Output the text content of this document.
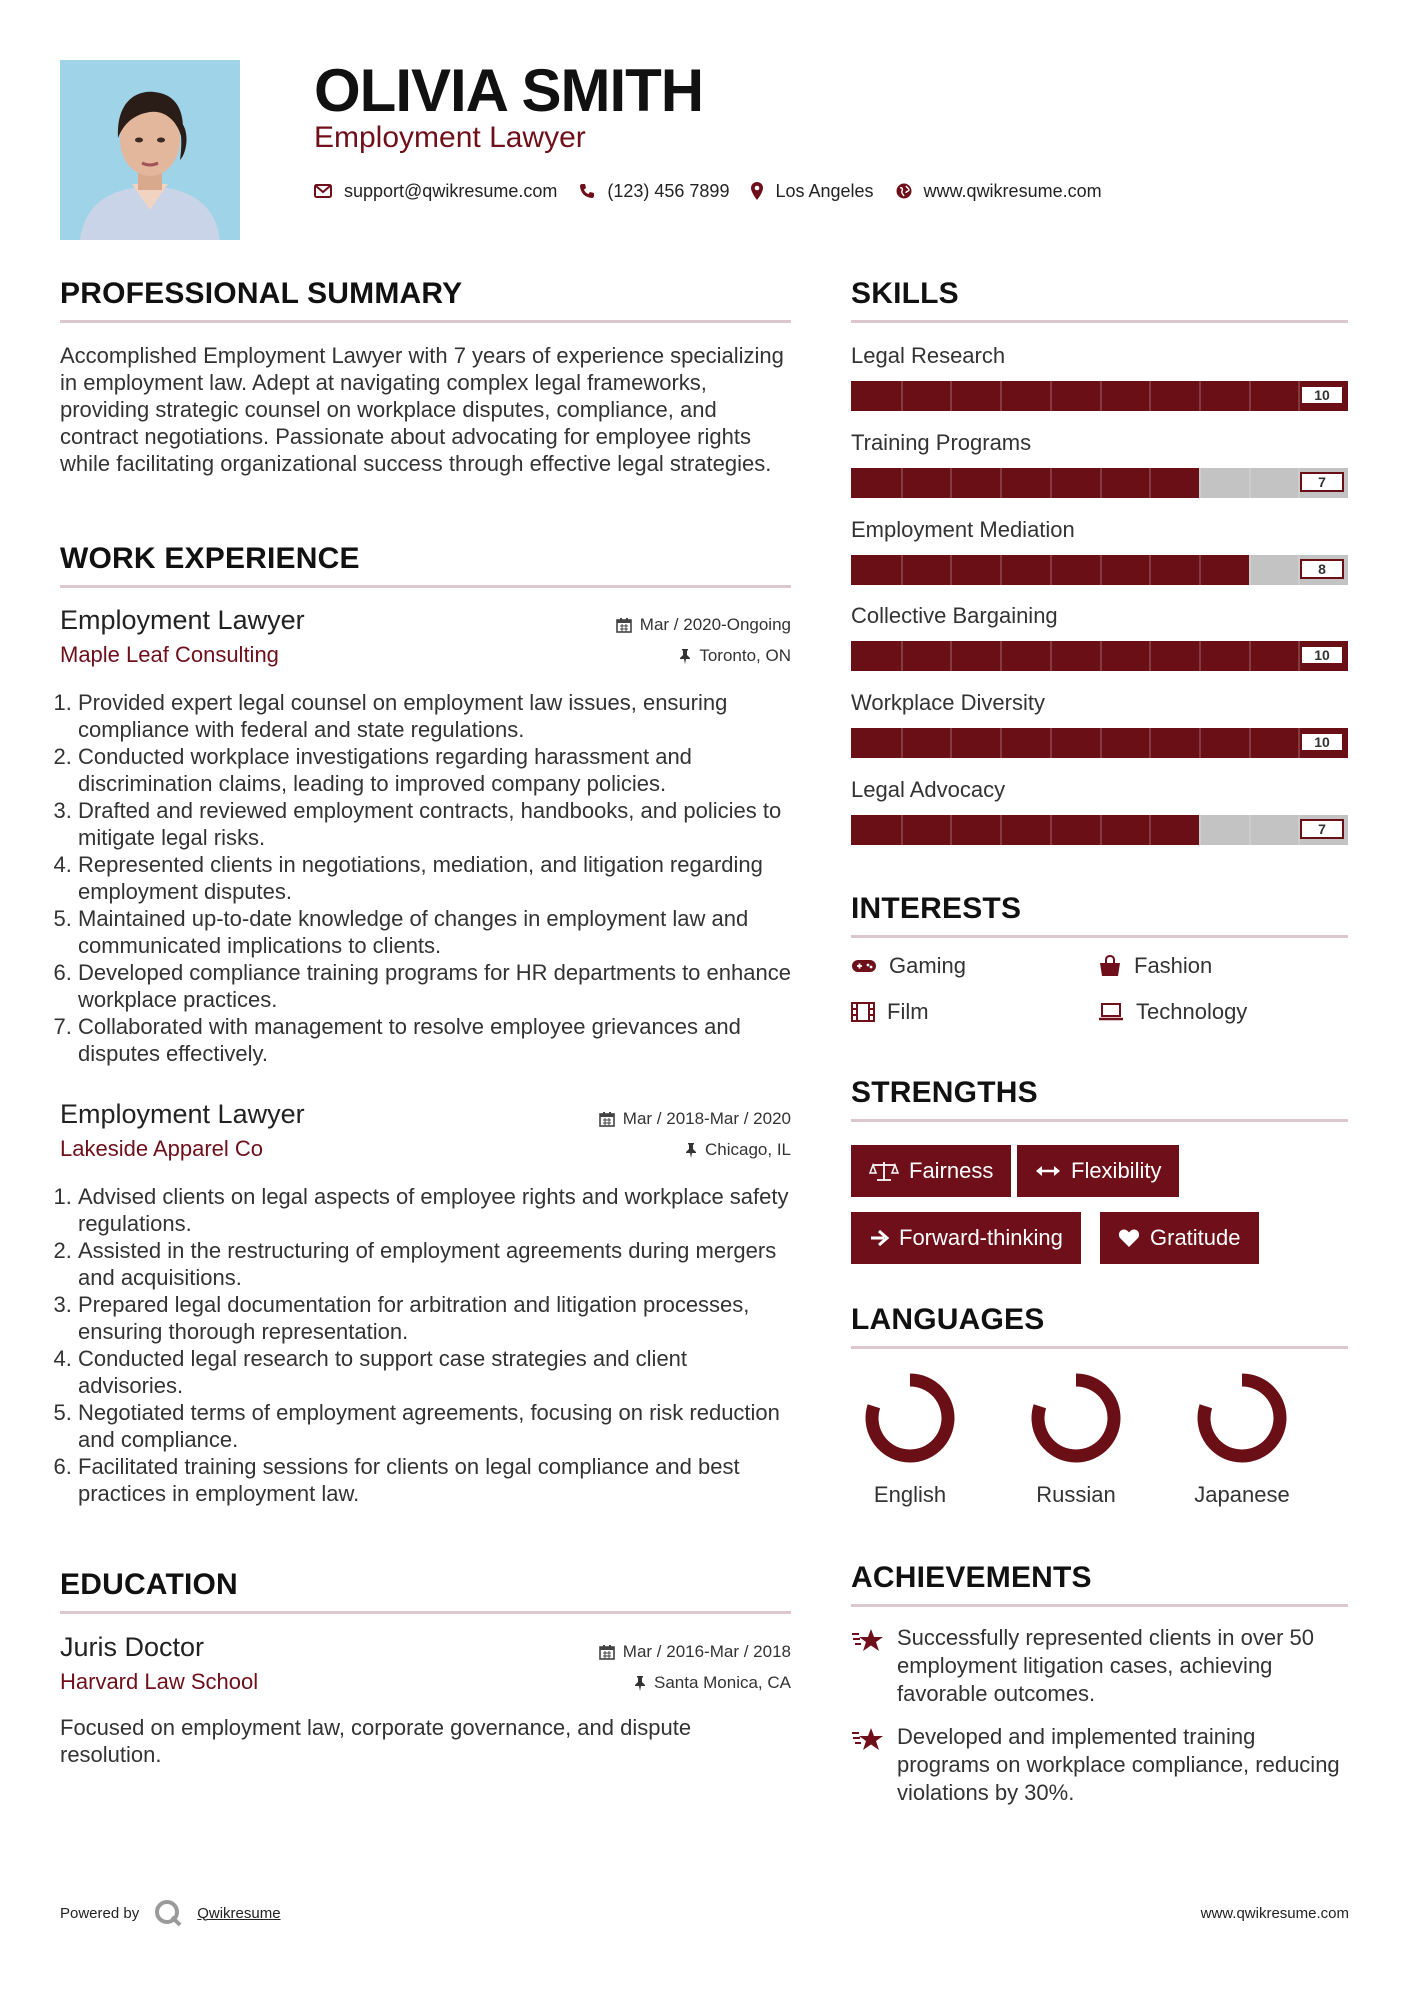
OLIVIA SMITH
Employment Lawyer
support@qwikresume.com	(123) 456 7899	Los Angeles	www.qwikresume.com
PROFESSIONAL SUMMARY

Accomplished Employment Lawyer with 7 years of experience specializing in employment law. Adept at navigating complex legal frameworks, providing strategic counsel on workplace disputes, compliance, and contract negotiations. Passionate about advocating for employee rights while facilitating organizational success through effective legal strategies.

WORK EXPERIENCE
Employment Lawyer	Mar / 2020-Ongoing
Maple Leaf Consulting	Toronto, ON
1. Provided expert legal counsel on employment law issues, ensuring compliance with federal and state regulations.
2. Conducted workplace investigations regarding harassment and discrimination claims, leading to improved company policies.
3. Drafted and reviewed employment contracts, handbooks, and policies to mitigate legal risks.
4. Represented clients in negotiations, mediation, and litigation regarding employment disputes.
5. Maintained up-to-date knowledge of changes in employment law and communicated implications to clients.
6. Developed compliance training programs for HR departments to enhance workplace practices.
7. Collaborated with management to resolve employee grievances and disputes effectively.
Employment Lawyer	Mar / 2018-Mar / 2020
Lakeside Apparel Co	Chicago, IL
1. Advised clients on legal aspects of employee rights and workplace safety regulations.
2. Assisted in the restructuring of employment agreements during mergers and acquisitions.
3. Prepared legal documentation for arbitration and litigation processes, ensuring thorough representation.
4. Conducted legal research to support case strategies and client advisories.
5. Negotiated terms of employment agreements, focusing on risk reduction and compliance.
6. Facilitated training sessions for clients on legal compliance and best practices in employment law.
EDUCATION
Juris Doctor	Mar / 2016-Mar / 2018
Harvard Law School	Santa Monica, CA

Focused on employment law, corporate governance, and dispute resolution.

SKILLS
Legal Research
10
Training Programs
7
Employment Mediation
8
Collective Bargaining
10
Workplace Diversity
10
Legal Advocacy
7
INTERESTS
Gaming	Fashion
Film	Technology
STRENGTHS
Fairness	Flexibility
Forward-thinking	Gratitude
LANGUAGES
English	Russian	Japanese
ACHIEVEMENTS
Successfully represented clients in over 50 employment litigation cases, achieving favorable outcomes.
Developed and implemented training programs on workplace compliance, reducing violations by 30%.
Powered by	Qwikresume	www.qwikresume.com
